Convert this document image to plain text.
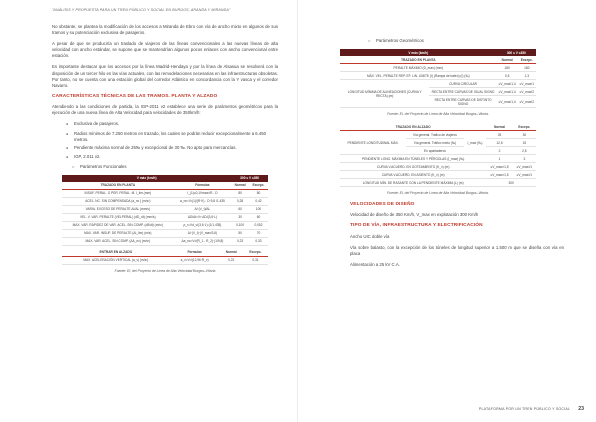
"ANÁLISIS Y PROPUESTA PARA UN TREN PÚBLICO Y SOCIAL EN BURGOS, ARANDA Y MIRANDA"

No obstante, se plantea la modificación de los accesos a Miranda de Ebro con vía de ancho mixto en algunos de sus tramos y su potenciación exclusiva de pasajeros.

A pesar de que se produciría un traslado de viajeros de las líneas convencionales a las nuevas líneas de alta velocidad con ancho estándar, se supone que se mantendrían algunos pocos enlaces con ancho convencional entre estación.

Es importante destacar que los accesos por la línea Madrid-Hendaya y por la línea de Alsasua se resolverá con la disposición de un tercer hilo en las vías actuales, con las remodelaciones necesarias en las infraestructuras obsoletas. Por tanto, no se cuenta con una estación global del corredor Atlántico en concordancia con la Y vasca y el corredor Navarro.

CARACTERÍSTICAS TÉCNICAS DE LAS TRAMOS. PLANTA Y ALZADO

Atendiendo a las condiciones de partida, la IGP-2011 v2 establece una serie de parámetros geométricos para la ejecución de una nueva línea de Alta Velocidad para velocidades de 350km/h:

● Exclusiva de pasajeros.
● Radios mínimos de 7.250 metros en trazado, los cuales se podrán reducir excepcionalmente a 6.450 metros.
● Pendiente máxima normal de 25‰ y excepcional de 30 ‰. No apto para mercancías.
● IGP, 2.011 v2.
○ Parámetros Funcionales
V máx (km/h)		300 ≤ V ≤350	
TRAZADO EN PLANTA	Fórmulas	Normal	Excepc.
INSUF. PERAL. O PER. PERAL. M. I_lim (mm)	I_(1)≤0,1Vmax²/R - D	80	80
ACEL. NC. SIN COMPENSADA (a_nc ) (m/s²)	a_nc=V²(1)/(R·K) - D·9,8 /1.435	0,28	0,42
VARIA. EXCESO DE PERALTE ΔI/ΔL (mm/s)	ΔI·(V_t)/ΔL	60	100
VEL. V. VAR. PERALTE (VELPERAL) (dD_dt) (mm/s)	ΔD/Δt=V²·ΔD/(3,6·L)	30	60
MAX. VAR. RÁPIDEZ DE VAR. ACEL. SIN COMP. (dδ/dt) (m/s³)	ρ_r=Vd_v/(3,6·L)·(1/1.435)	0,100	0,052
MAX. VAR. INSUF. DE PERALTE (ΔI_lim) (m/s)	ΔI·(V_t)·(V_max/3,6)	50	70
MAX. VAR. ACEL. SIN COMP. (ΔA_nc) (m/s³)	Δa_nc=V²/(R_1 - R_2)·(1/9,8)	0,23	0,33
ENTRAR EN ALZADO	Fórmulas	Normal	Excepc.
MAX. ACELERACIÓN VERTICAL (a_v) (m/s²)	a_v=V²/(12,96·R_v)	0,22	0,31
Fuente: EI, del Proyecto de Línea de Alta Velocidad Burgos–Vitoria
○ Parámetros Geométricos
V máx (km/h)		300 ≤ V ≤350	
TRAZADO EN PLANTA		Normal	Excepc.
PERALTE MÁXIMO (D_max) (mm)		180	180
MÁX. VEL. PERALTE REP. EF. LIN. LÍMITE (I) (Rampa de bateo) (I) (‰)		0,5	1,3
LONGITUD MÍNIMA DE ALINEACIONES (CURVA Y RECTA) (m)	CURVA CIRCULAR	≥V_max/1,4	≥V_max/1
	RECTA ENTRE CURVAS DE IGUAL SIGNO	≥V_max/1,4	≥V_max/2
	RECTA ENTRE CURVAS DE DISTINTO SIGNO	≥V_max/1,4	≥V_max/2
Fuente: EI, del Proyecto de Línea de Alta Velocidad Burgos–Vitoria.
TRAZADO EN ALZADO			Normal	Excepc.
PENDIENTE LONGITUDINAL MÁX.	Vía general. Tráfico de viajeros	I_max (‰)	25	30
	Vía general. Tráfico mixto (‰)		12,5	15
	En apartaderos		2	2,5
PENDIENTE LONG. MÁXIMA EN TÚNELES Y PÉRGOLAS (I_max) (‰)			1	3
CURVA V.ACUERD. EN GOTEAMIENTO (K_v) (m)			≥V_max²/1,5	≥V_max²/1
CURVA V.ACUERD. EN ASIENTO (K_v) (m)			≥V_max²/1,5	≥V_max²/1
LONGITUD MÍN. DE RASANTE CON LA PENDIENTE MÁXIMA (L) (m)			300	
Fuente: EI, del Proyecto de Línea de Alta Velocidad Burgos–Vitoria.
VELOCIDADES DE DISEÑO

Velocidad de diseño de 350 Km/h, V_max en explotación 300 Km/h

TIPO DE VÍA, INFRAESTRUCTURA Y ELECTRIFICACIÓN

Ancho UIC doble vía

Vía sobre balasto, con la excepción de los túneles de longitud superior a 1.500 m que se diseña con vía en placa

Alimentación a 25 kV C.A.

PLATAFORMA POR UN TREN PÚBLICO Y SOCIAL 23
